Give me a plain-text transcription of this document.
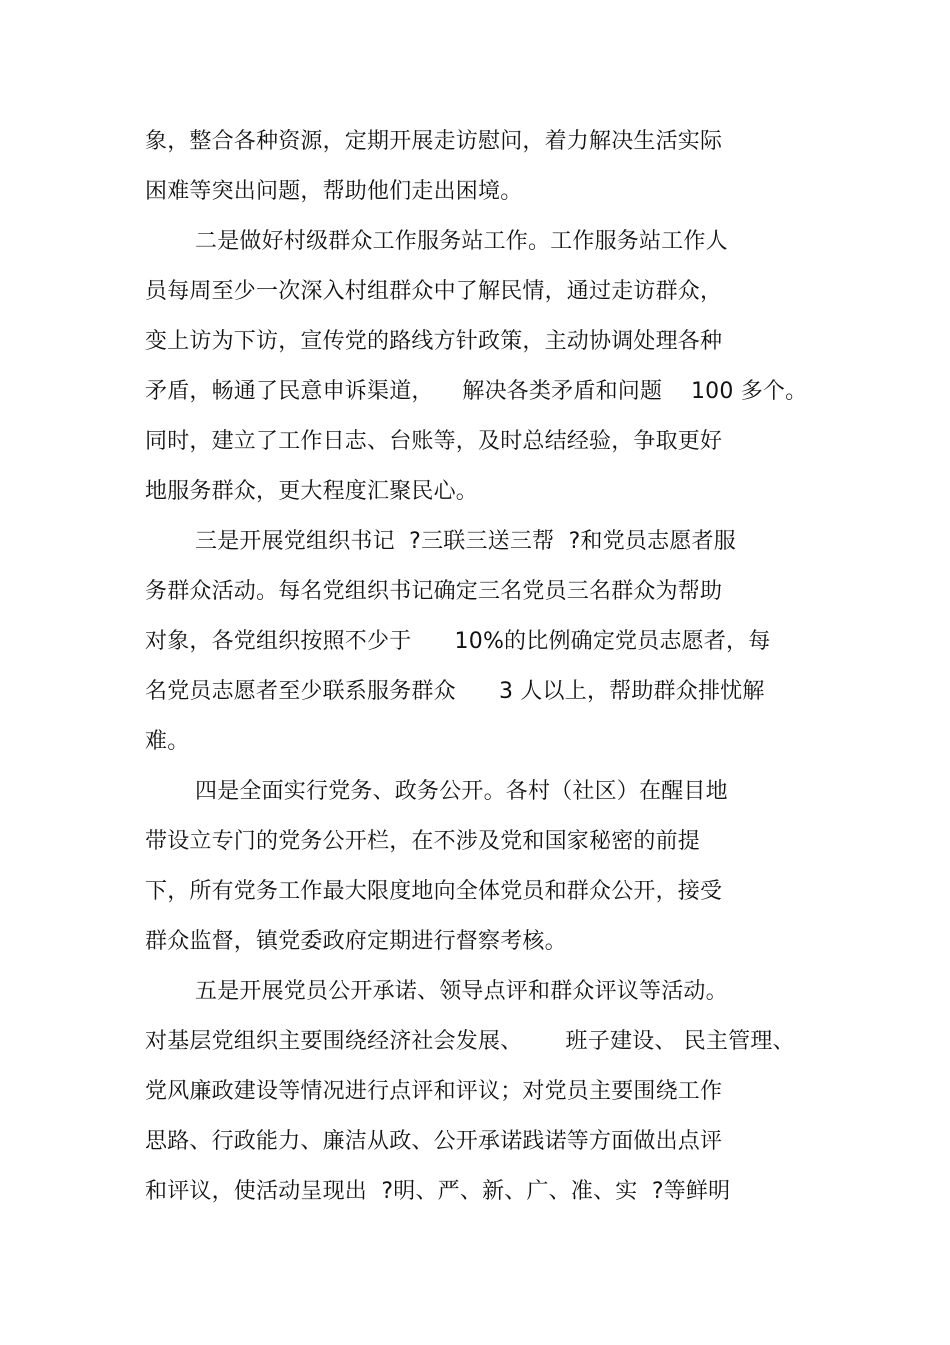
象，整合各种资源，定期开展走访慰问，着力解决生活实际
困难等突出问题，帮助他们走出困境。
二是做好村级群众工作服务站工作。工作服务站工作人
员每周至少一次深入村组群众中了解民情，通过走访群众，
变上访为下访，宣传党的路线方针政策，主动协调处理各种
矛盾，畅通了民意申诉渠道，    解决各类矛盾和问题    100 多个。
同时，建立了工作日志、台账等，及时总结经验，争取更好
地服务群众，更大程度汇聚民心。
三是开展党组织书记  ?三联三送三帮  ?和党员志愿者服
务群众活动。每名党组织书记确定三名党员三名群众为帮助
对象，各党组织按照不少于      10%的比例确定党员志愿者，每
名党员志愿者至少联系服务群众      3 人以上，帮助群众排忧解
难。
四是全面实行党务、政务公开。各村（社区）在醒目地
带设立专门的党务公开栏，在不涉及党和国家秘密的前提
下，所有党务工作最大限度地向全体党员和群众公开，接受
群众监督，镇党委政府定期进行督察考核。
五是开展党员公开承诺、领导点评和群众评议等活动。
对基层党组织主要围绕经济社会发展、      班子建设、 民主管理、
党风廉政建设等情况进行点评和评议；对党员主要围绕工作
思路、行政能力、廉洁从政、公开承诺践诺等方面做出点评
和评议，使活动呈现出  ?明、严、新、广、准、实  ?等鲜明
